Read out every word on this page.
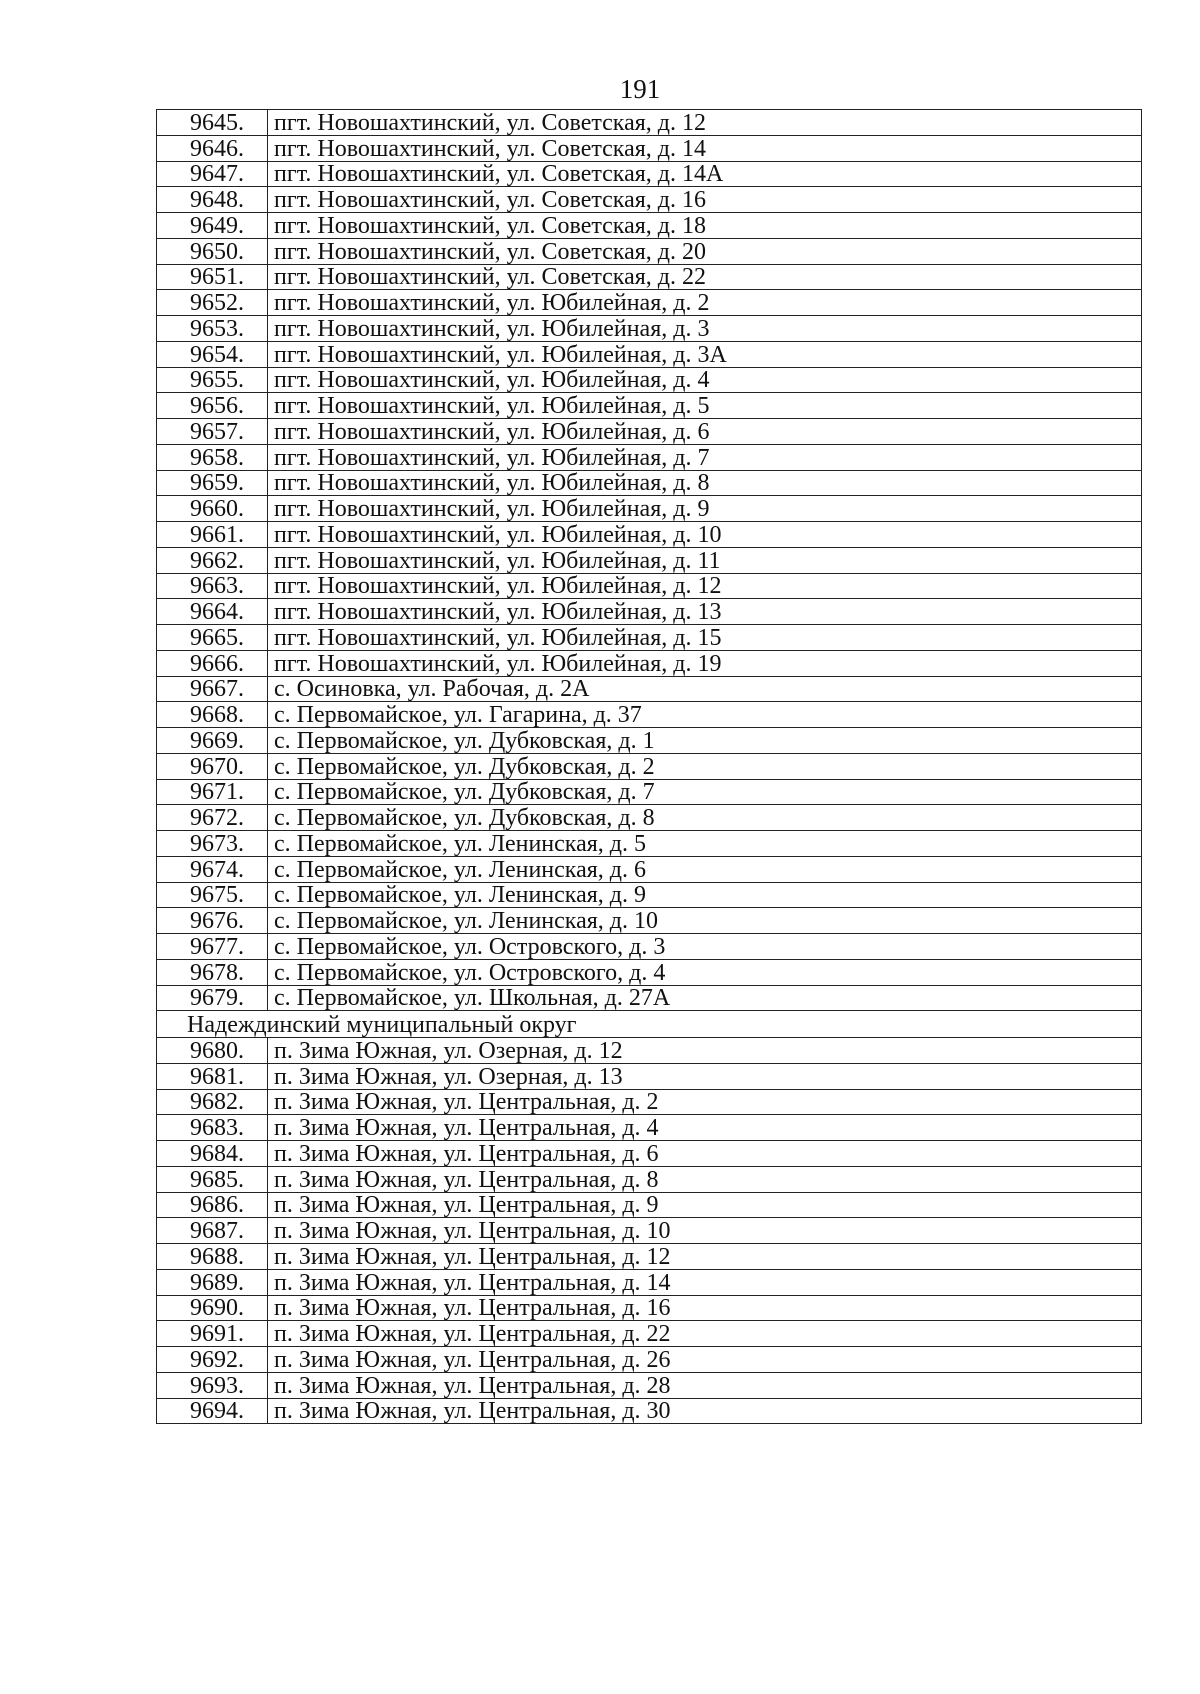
191
9645.	пгт. Новошахтинский, ул. Советская, д. 12
9646.	пгт. Новошахтинский, ул. Советская, д. 14
9647.	пгт. Новошахтинский, ул. Советская, д. 14А
9648.	пгт. Новошахтинский, ул. Советская, д. 16
9649.	пгт. Новошахтинский, ул. Советская, д. 18
9650.	пгт. Новошахтинский, ул. Советская, д. 20
9651.	пгт. Новошахтинский, ул. Советская, д. 22
9652.	пгт. Новошахтинский, ул. Юбилейная, д. 2
9653.	пгт. Новошахтинский, ул. Юбилейная, д. 3
9654.	пгт. Новошахтинский, ул. Юбилейная, д. 3А
9655.	пгт. Новошахтинский, ул. Юбилейная, д. 4
9656.	пгт. Новошахтинский, ул. Юбилейная, д. 5
9657.	пгт. Новошахтинский, ул. Юбилейная, д. 6
9658.	пгт. Новошахтинский, ул. Юбилейная, д. 7
9659.	пгт. Новошахтинский, ул. Юбилейная, д. 8
9660.	пгт. Новошахтинский, ул. Юбилейная, д. 9
9661.	пгт. Новошахтинский, ул. Юбилейная, д. 10
9662.	пгт. Новошахтинский, ул. Юбилейная, д. 11
9663.	пгт. Новошахтинский, ул. Юбилейная, д. 12
9664.	пгт. Новошахтинский, ул. Юбилейная, д. 13
9665.	пгт. Новошахтинский, ул. Юбилейная, д. 15
9666.	пгт. Новошахтинский, ул. Юбилейная, д. 19
9667.	с. Осиновка, ул. Рабочая, д. 2А
9668.	с. Первомайское, ул. Гагарина, д. 37
9669.	с. Первомайское, ул. Дубковская, д. 1
9670.	с. Первомайское, ул. Дубковская, д. 2
9671.	с. Первомайское, ул. Дубковская, д. 7
9672.	с. Первомайское, ул. Дубковская, д. 8
9673.	с. Первомайское, ул. Ленинская, д. 5
9674.	с. Первомайское, ул. Ленинская, д. 6
9675.	с. Первомайское, ул. Ленинская, д. 9
9676.	с. Первомайское, ул. Ленинская, д. 10
9677.	с. Первомайское, ул. Островского, д. 3
9678.	с. Первомайское, ул. Островского, д. 4
9679.	с. Первомайское, ул. Школьная, д. 27А
Надеждинский муниципальный округ	
9680.	п. Зима Южная, ул. Озерная, д. 12
9681.	п. Зима Южная, ул. Озерная, д. 13
9682.	п. Зима Южная, ул. Центральная, д. 2
9683.	п. Зима Южная, ул. Центральная, д. 4
9684.	п. Зима Южная, ул. Центральная, д. 6
9685.	п. Зима Южная, ул. Центральная, д. 8
9686.	п. Зима Южная, ул. Центральная, д. 9
9687.	п. Зима Южная, ул. Центральная, д. 10
9688.	п. Зима Южная, ул. Центральная, д. 12
9689.	п. Зима Южная, ул. Центральная, д. 14
9690.	п. Зима Южная, ул. Центральная, д. 16
9691.	п. Зима Южная, ул. Центральная, д. 22
9692.	п. Зима Южная, ул. Центральная, д. 26
9693.	п. Зима Южная, ул. Центральная, д. 28
9694.	п. Зима Южная, ул. Центральная, д. 30
